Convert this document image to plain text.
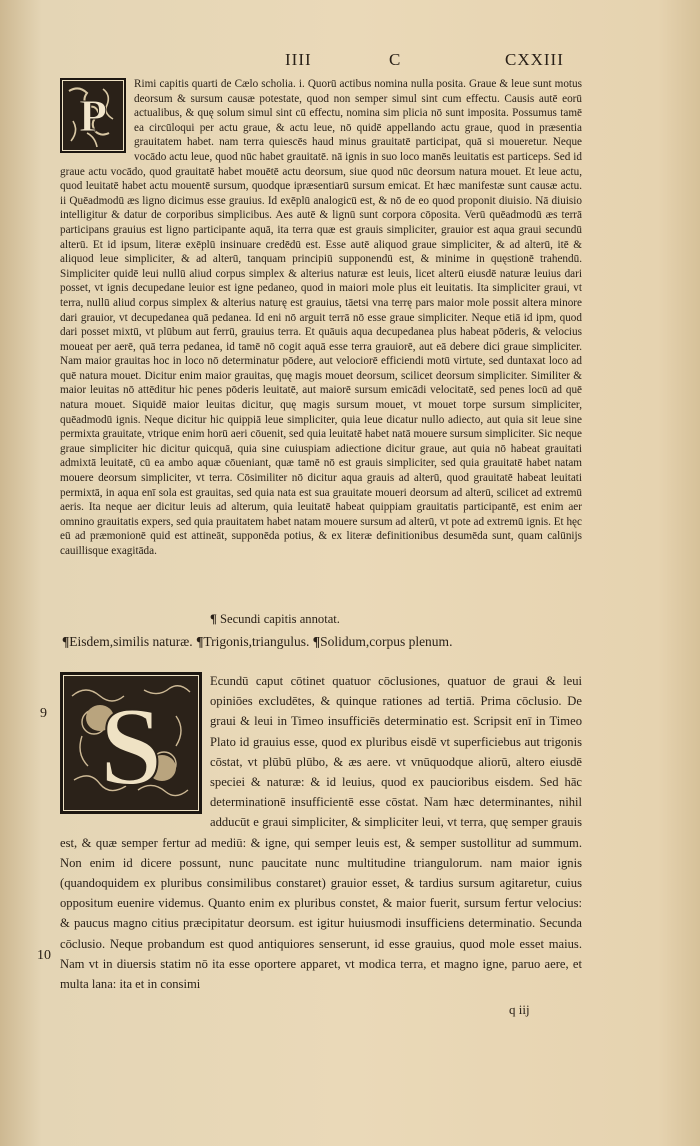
IIII	C	CXXIII
P
Rimi capitis quarti de Cælo scholia. i. Quorū actibus nomina nulla posita. Graue & leue sunt motus deorsum & sursum causæ potestate, quod non semper simul sint cum effectu. Causis autē eorū actualibus, & quę solum simul sint cū effectu, nomina sim plicia nō sunt imposita. Possumus tamē ea circūloqui per actu graue, & actu leue, nō quidē appellando actu graue, quod in præsentia grauitatem habet. nam terra quiescēs haud minus grauitatē participat, quā si moueretur. Neque vocādo actu leue, quod nūc habet grauitatē. nā ignis in suo loco manēs leuitatis est particeps. Sed id graue actu vocādo, quod grauitatē habet mouētē actu deorsum, siue quod nūc deorsum natura mouet. Et leue actu, quod leuitatē habet actu mouentē sursum, quodque ipræsentiarū sursum emicat. Et hæc manifestæ sunt causæ actu. ii Quēadmodū æs ligno dicimus esse grauius. Id exēplū analogicū est, & nō de eo quod proponit diuisio. Nā diuisio intelligitur & datur de corporibus simplicibus. Aes autē & lignū sunt corpora cōposita. Verū quēadmodū æs terrā participans grauius est ligno participante aquā, ita terra quæ est grauis simpliciter, grauior est aqua graui secundū alterū. Et id ipsum, literæ exēplū insinuare credēdū est. Esse autē aliquod graue simpliciter, & ad alterū, itē & aliquod leue simpliciter, & ad alterū, tanquam principiū supponendū est, & minime in quęstionē trahendū. Simpliciter quidē leui nullū aliud corpus simplex & alterius naturæ est leuis, licet alterū eiusdē naturæ leuius dari posset, vt ignis decupedane leuior est igne pedaneo, quod in maiori mole plus eit leuitatis. Ita simpliciter graui, vt terra, nullū aliud corpus simplex & alterius naturę est grauius, tāetsi vna terrę pars maior mole possit altera minore dari grauior, vt decupedanea quā pedanea. Id eni nō arguit terrā nō esse graue simpliciter. Neque etiā id ipm, quod dari posset mixtū, vt plūbum aut ferrū, grauius terra. Et quāuis aqua decupedanea plus habeat pōderis, & velocius moueat per aerē, quā terra pedanea, id tamē nō cogit aquā esse terra grauiorē, aut eā debere dici graue simpliciter. Nam maior grauitas hoc in loco nō determinatur pōdere, aut velociorē efficiendi motū virtute, sed duntaxat loco ad quē natura mouet. Dicitur enim maior grauitas, quę magis mouet deorsum, scilicet deorsum simpliciter. Similiter & maior leuitas nō attēditur hic penes pōderis leuitatē, aut maiorē sursum emicādi velocitatē, sed penes locū ad quē natura mouet. Siquidē maior leuitas dicitur, quę magis sursum mouet, vt mouet torpe sursum simpliciter, quēadmodū ignis. Neque dicitur hic quippiā leue simpliciter, quia leue dicatur nullo adiecto, aut quia sit leue sine permixta grauitate, vtrique enim horū aeri cōuenit, sed quia leuitatē habet natā mouere sursum simpliciter. Sic neque graue simpliciter hic dicitur quicquā, quia sine cuiuspiam adiectione dicitur graue, aut quia nō habeat grauitati admixtā leuitatē, cū ea ambo aquæ cōueniant, quæ tamē nō est grauis simpliciter, sed quia grauitatē habet natam mouere deorsum simpliciter, vt terra. Cōsimiliter nō dicitur aqua grauis ad alterū, quod grauitatē habeat leuitati permixtā, in aqua enī sola est grauitas, sed quia nata est sua grauitate moueri deorsum ad alterū, scilicet ad extremū aeris. Ita neque aer dicitur leuis ad alterum, quia leuitatē habeat quippiam grauitatis participantē, est enim aer omnino grauitatis expers, sed quia prauitatem habet natam mouere sursum ad alterū, vt pote ad extremū ignis. Et hęc eū ad præmonionē quid est attineāt, supponēda potius, & ex literæ definitionibus desumēda sunt, quam calūnijs cauillisque exagitāda.
¶ Secundi capitis annotat.
¶Eisdem,similis naturæ. ¶Trigonis,triangulus. ¶Solidum,corpus plenum.
S
Ecundū caput cōtinet quatuor cōclusiones, quatuor de graui & leui opiniōes excludētes, & quinque rationes ad tertiā. Prima cōclusio. De graui & leui in Timeo insufficiēs determinatio est. Scripsit enī in Timeo Plato id grauius esse, quod ex pluribus eisdē vt superficiebus aut trigonis cōstat, vt plūbū plūbo, & æs aere. vt vnūquodque aliorū, altero eiusdē speciei & naturæ: & id leuius, quod ex paucioribus eisdem. Sed hāc determinationē insufficientē esse cōstat. Nam hæc determinantes, nihil adducūt e graui simpliciter, & simpliciter leui, vt terra, quę semper grauis est, & quæ semper fertur ad mediū: & igne, qui semper leuis est, & semper sustollitur ad summum. Non enim id dicere possunt, nunc paucitate nunc multitudine triangulorum. nam maior ignis (quandoquidem ex pluribus consimilibus constaret) grauior esset, & tardius sursum agitaretur, cuius oppositum euenire videmus. Quanto enim ex pluribus constet, & maior fuerit, sursum fertur velocius: & paucus magno citius præcipitatur deorsum. est igitur huiusmodi insufficiens determinatio. Secunda cōclusio. Neque probandum est quod antiquiores senserunt, id esse grauius, quod mole esset maius. Nam vt in diuersis statim nō ita esse oportere apparet, vt modica terra, et magno igne, paruo aere, et multa lana: ita et in consimi
9
10
q iij
